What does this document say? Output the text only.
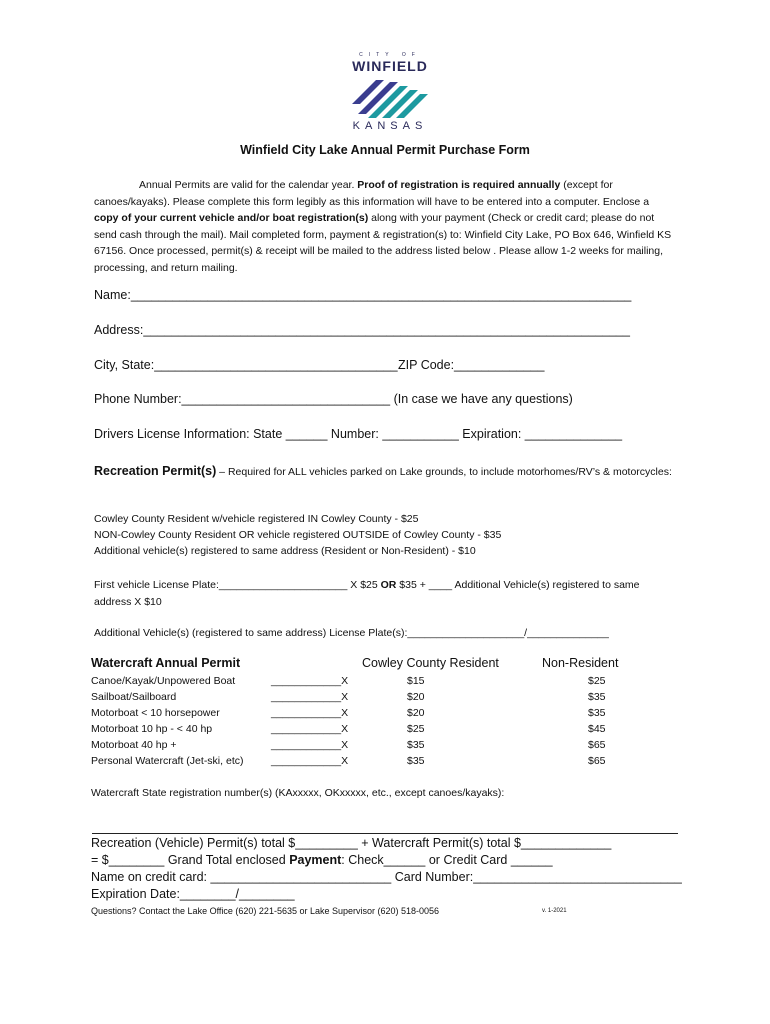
CITY OF
WINFIELD
KANSAS
Winfield City Lake Annual Permit Purchase Form

Annual Permits are valid for the calendar year. Proof of registration is required annually (except for canoes/kayaks). Please complete this form legibly as this information will have to be entered into a computer. Enclose a copy of your current vehicle and/or boat registration(s) along with your payment (Check or credit card; please do not send cash through the mail). Mail completed form, payment & registration(s) to: Winfield City Lake, PO Box 646, Winfield KS 67156. Once processed, permit(s) & receipt will be mailed to the address listed below . Please allow 1-2 weeks for mailing, processing, and return mailing.

Name:________________________________________________________________________
Address:______________________________________________________________________
City, State:___________________________________ ZIP Code:_____________
Phone Number:______________________________ (In case we have any questions)
Drivers License Information: State ______ Number: ___________ Expiration: ______________
Recreation Permit(s) – Required for ALL vehicles parked on Lake grounds, to include motorhomes/RV’s & motorcycles:
Cowley County Resident w/vehicle registered IN Cowley County - $25
NON-Cowley County Resident OR vehicle registered OUTSIDE of Cowley County - $35
Additional vehicle(s) registered to same address (Resident or Non-Resident) - $10
First vehicle License Plate:______________________ X $25 OR $35 + ____ Additional Vehicle(s) registered to same address X $10
Additional Vehicle(s) (registered to same address) License Plate(s):____________________/______________
Watercraft Annual Permit	Cowley County Resident	Non-Resident
Canoe/Kayak/Unpowered Boat	____________X	$15	$25
Sailboat/Sailboard	____________X	$20	$35
Motorboat < 10 horsepower	____________X	$20	$35
Motorboat 10 hp - < 40 hp	____________X	$25	$45
Motorboat 40 hp +	____________X	$35	$65
Personal Watercraft (Jet-ski, etc)	____________X	$35	$65
Watercraft State registration number(s) (KAxxxxx, OKxxxxx, etc., except canoes/kayaks):
Recreation (Vehicle) Permit(s) total $_________ + Watercraft Permit(s) total $_____________
= $________ Grand Total enclosed Payment: Check______ or Credit Card ______
Name on credit card: __________________________ Card Number:______________________________
Expiration Date:________/________
Questions? Contact the Lake Office (620) 221-5635 or Lake Supervisor (620) 518-0056	v. 1-2021
